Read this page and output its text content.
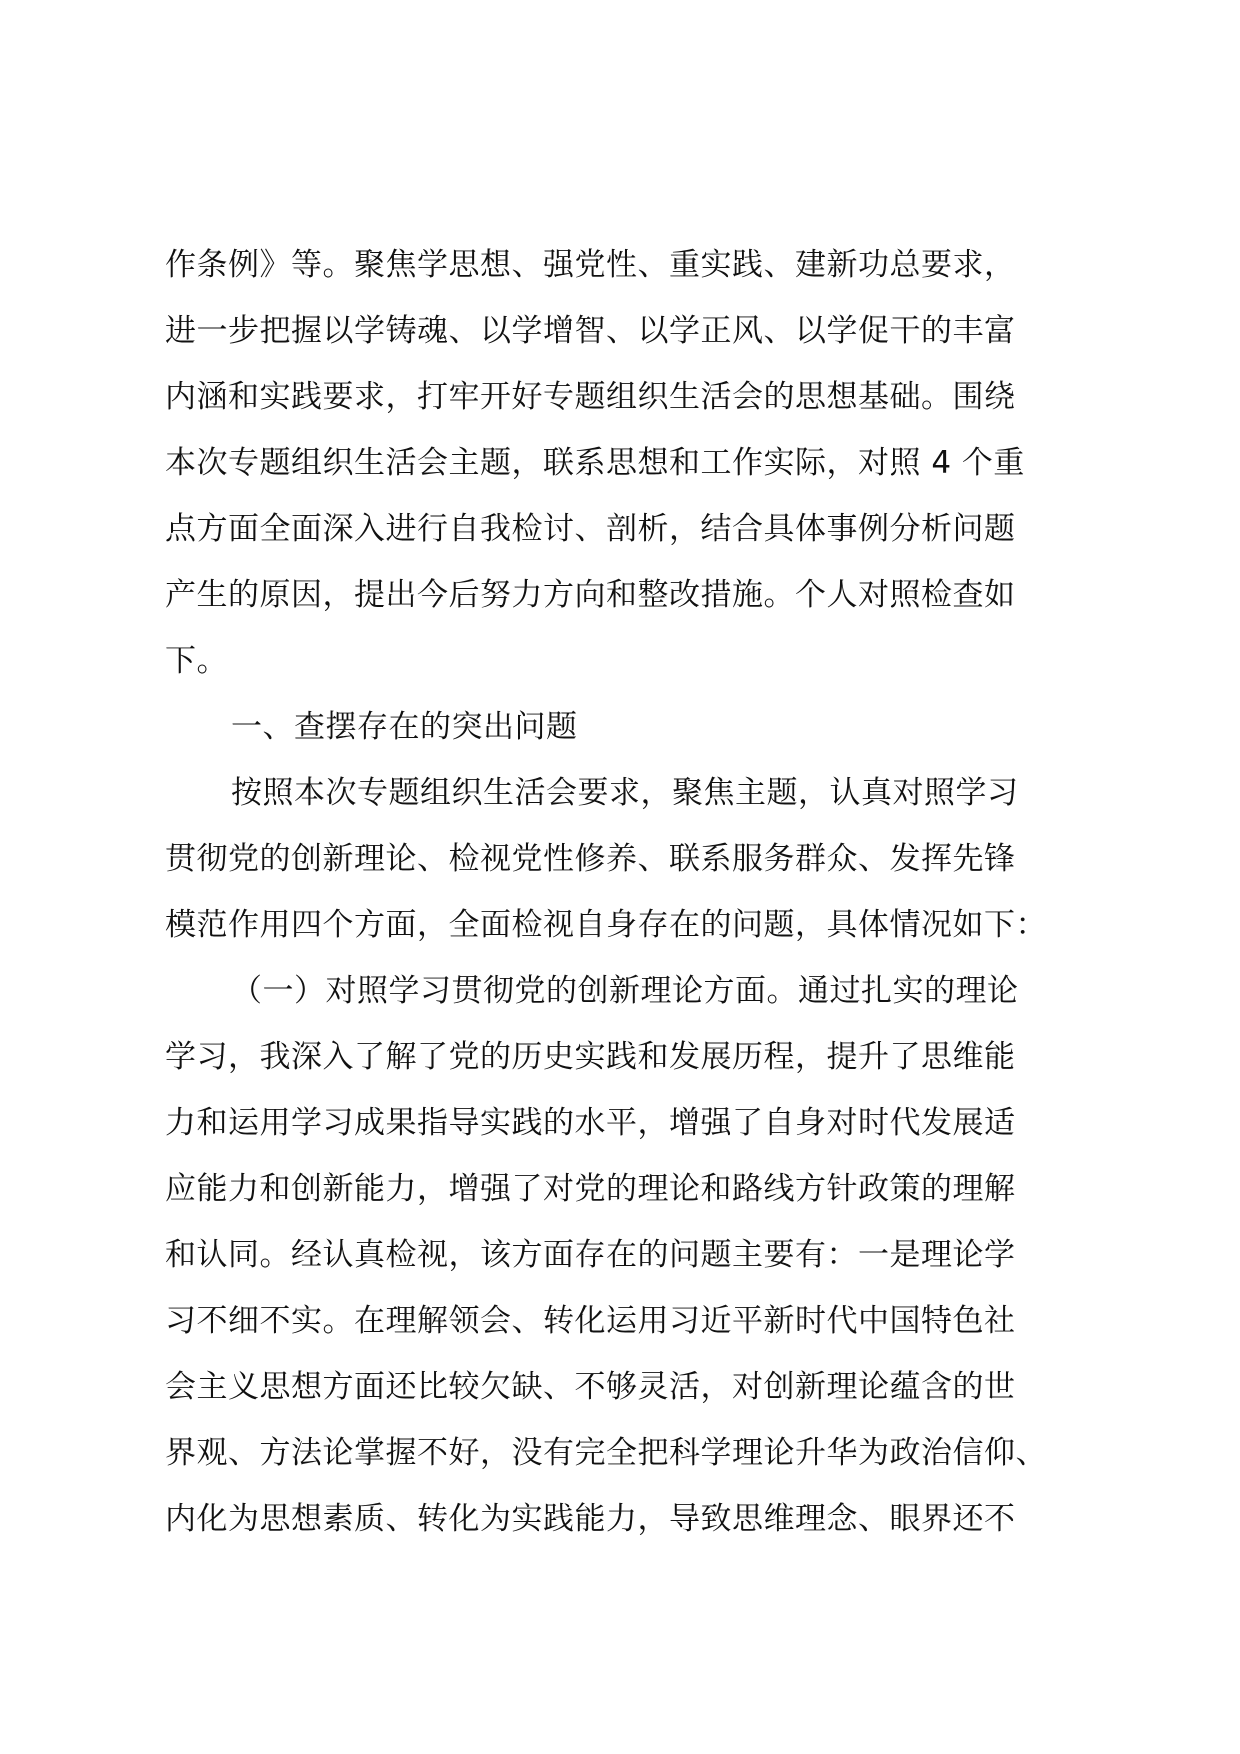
作条例》等。聚焦学思想、强党性、重实践、建新功总要求，
进一步把握以学铸魂、以学增智、以学正风、以学促干的丰富
内涵和实践要求，打牢开好专题组织生活会的思想基础。围绕
本次专题组织生活会主题，联系思想和工作实际，对照 4 个重
点方面全面深入进行自我检讨、剖析，结合具体事例分析问题
产生的原因，提出今后努力方向和整改措施。个人对照检查如
下。
一、查摆存在的突出问题
按照本次专题组织生活会要求，聚焦主题，认真对照学习
贯彻党的创新理论、检视党性修养、联系服务群众、发挥先锋
模范作用四个方面，全面检视自身存在的问题，具体情况如下：
（一）对照学习贯彻党的创新理论方面。通过扎实的理论
学习，我深入了解了党的历史实践和发展历程，提升了思维能
力和运用学习成果指导实践的水平，增强了自身对时代发展适
应能力和创新能力，增强了对党的理论和路线方针政策的理解
和认同。经认真检视，该方面存在的问题主要有：一是理论学
习不细不实。在理解领会、转化运用习近平新时代中国特色社
会主义思想方面还比较欠缺、不够灵活，对创新理论蕴含的世
界观、方法论掌握不好，没有完全把科学理论升华为政治信仰、
内化为思想素质、转化为实践能力，导致思维理念、眼界还不
